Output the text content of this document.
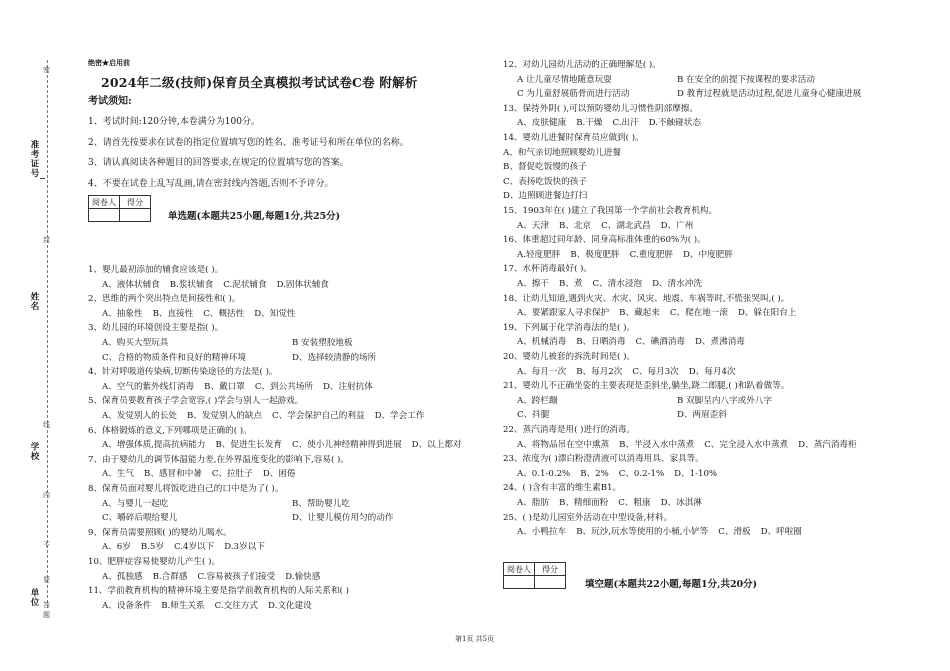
密
封
线
内
不
要
答
题
准考证号
姓名
学校
单位
绝密★启用前
2024年二级(技师)保育员全真模拟考试试卷C卷 附解析
考试须知:
1、考试时间:120分钟,本卷满分为100分。
2、请首先按要求在试卷的指定位置填写您的姓名、准考证号和所在单位的名称。
3、请认真阅读各种题目的回答要求,在规定的位置填写您的答案。
4、不要在试卷上乱写乱画,请在密封线内答题,否则不予评分。
阅卷人	得分

单选题(本题共25小题,每题1分,共25分)
1、婴儿最初添加的辅食应该是( )。
A、液体状辅食 B.浆状辅食 C.泥状辅食 D.固体状辅食
2、思维的两个突出特点是间接性和( )。
A、抽象性 B、直接性 C、概括性 D、知觉性
3、幼儿园的环境创设主要是指( )。
A、购买大型玩具	B 安装塑胶地板
C、合格的物质条件和良好的精神环境	D、选择较清静的场所
4、针对呼吸道传染病,切断传染途径的方法是( )。
A、空气的紫外线灯消毒 B、戴口罩 C、到公共场所 D、注射抗体
5、保育员要教育孩子学会宽容,( )学会与别人一起游戏。
A、发觉别人的长处 B、发觉别人的缺点 C、学会保护自己的利益 D、学会工作
6、体格锻炼的意义,下列哪项是正确的( )。
A、增强体质,提高抗病能力 B、促进生长发育 C、使小儿神经精神得到进展 D、以上都对
7、由于婴幼儿的调节体温能力差,在外界温度变化的影响下,容易( )。
A、生气 B、感冒和中暑 C、拉肚子 D、困倦
8、保育员面对婴儿将饭吃进自己的口中是为了( )。
A、与婴儿一起吃	B、帮助婴儿吃
C、嚼碎后喂给婴儿	D、让婴儿模仿用匀的动作
9、保育员需要照顾( )的婴幼儿喝水。
A、6岁 B.5岁 C.4岁以下 D.3岁以下
10、肥胖症容易使婴幼儿产生( )。
A、孤独感 B.合群感 C.容易被孩子们接受 D.愉快感
11、学前教育机构的精神环境主要是指学前教育机构的人际关系和( )
A、设备条件 B.师生关系 C.交往方式 D.文化建设
12、对幼儿园幼儿活动的正确理解是( )。
A 让儿童尽情地随意玩耍	B 在安全的前提下按课程的要求活动
C 为儿童舒展筋骨而进行活动	D 教育过程就是活动过程,促进儿童身心健康进展
13、保持外阴( ),可以预防婴幼儿习惯性阴部摩擦。
A、皮肤健康 B.干燥 C.出汗 D.不触碰状态
14、婴幼儿进餐时保育员应做到( )。
A、和气亲切地照顾婴幼儿进餐
B、督促吃饭慢的孩子
C、表扬吃饭快的孩子
D、边照顾进餐边打扫
15、1903年在( )建立了我国第一个学前社会教育机构。
A、天津 B、北京 C、湖北武昌 D、广州
16、体重超过同年龄、同身高标准体重的60%为( )。
A.轻度肥胖 B、极度肥胖 C.重度肥胖 D、中度肥胖
17、水杯消毒最好( )。
A、擦干 B、煮 C、清水浸泡 D、清水冲洗
18、让幼儿知道,遇到火灾、水灾、风灾、地震、车祸等时,不慌张哭叫,( )。
A、要紧跟家人寻求保护 B、藏起来 C、爬在地一滚 D、躲在阳台上
19、下列属于化学消毒法的是( )。
A、机械消毒 B、日晒消毒 C、碘酒消毒 D、煮沸消毒
20、婴幼儿被套的拆洗时间是( )。
A、每月一次 B、每月2次 C、每月3次 D、每月4次
21、婴幼儿不正确坐姿的主要表现是歪斜坐,躺坐,跷二郎腿,( )和趴着做等。
A、跨栏蹦	B 双脚呈内八字或外八字
C、抖腿	D、两眉歪斜
22、蒸汽消毒是用( )进行的消毒。
A、将物品吊在空中熏蒸 B、半浸入水中蒸煮 C、完全浸入水中蒸煮 D、蒸汽消毒柜
23、浓度为( )漂白粉澄清液可以消毒用具、家具等。
A、0.1-0.2% B、2% C、0.2-1% D、1-10%
24、( )含有丰富的维生素B1。
A、脂肪 B、精细面粉 C、粗康 D、冰淇淋
25、( )是幼儿园室外活动在中型设备,材料。
A、小鸭拉车 B、玩沙,玩水等使用的小桶,小铲等 C、滑板 D、呼啦圈
阅卷人	得分

填空题(本题共22小题,每题1分,共20分)
第1页 共5页
